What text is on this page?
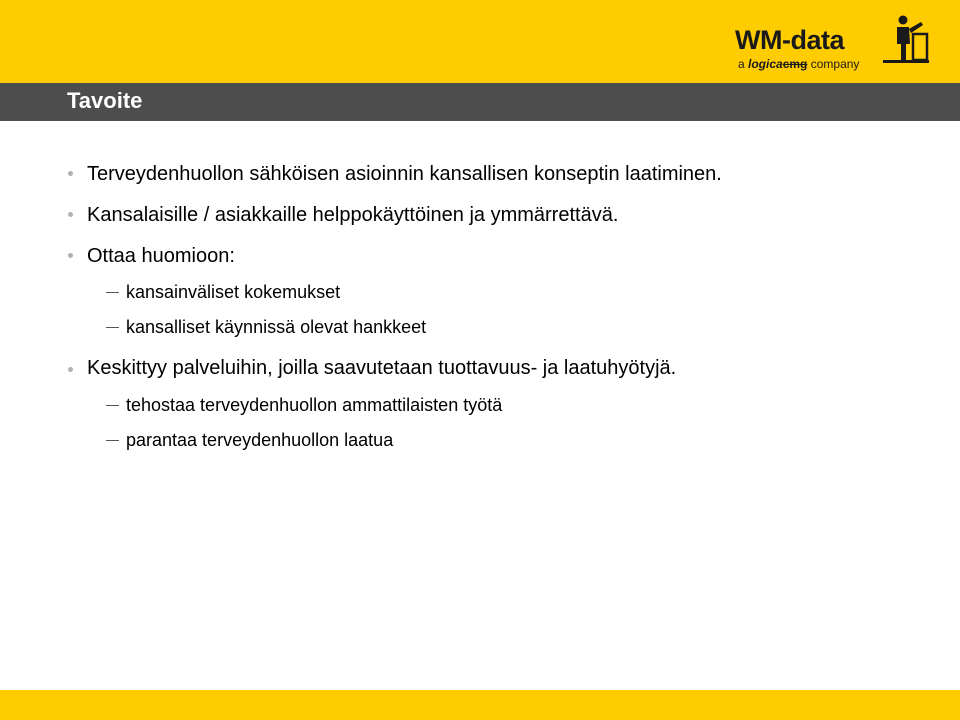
WM-data
a logicacmg company
Tavoite
Terveydenhuollon sähköisen asioinnin kansallisen konseptin laatiminen.
Kansalaisille / asiakkaille helppokäyttöinen ja ymmärrettävä.
Ottaa huomioon:
kansainväliset kokemukset
kansalliset käynnissä olevat hankkeet
Keskittyy palveluihin, joilla saavutetaan tuottavuus- ja laatuhyötyjä.
tehostaa terveydenhuollon ammattilaisten työtä
parantaa terveydenhuollon laatua
